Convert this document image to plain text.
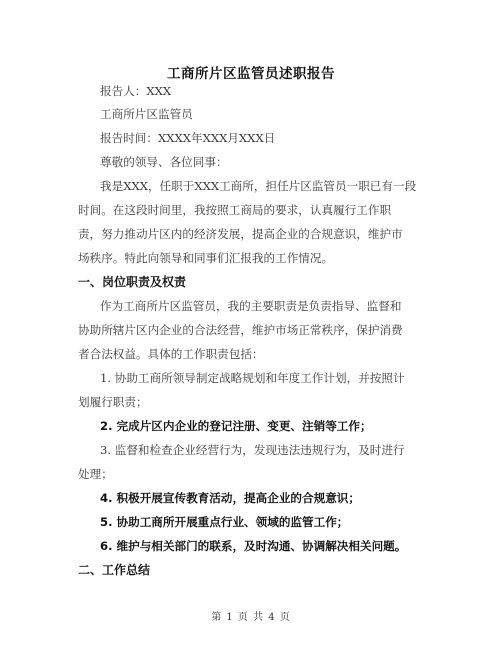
工商所片区监管员述职报告
报告人：XXX
工商所片区监管员
报告时间：XXXX年XXX月XXX日
尊敬的领导、各位同事：
我是XXX，任职于XXX工商所，担任片区监管员一职已有一段
时间。在这段时间里，我按照工商局的要求，认真履行工作职
责，努力推动片区内的经济发展，提高企业的合规意识，维护市
场秩序。特此向领导和同事们汇报我的工作情况。
一、岗位职责及权责
作为工商所片区监管员，我的主要职责是负责指导、监督和
协助所辖片区内企业的合法经营，维护市场正常秩序，保护消费
者合法权益。具体的工作职责包括：
1. 协助工商所领导制定战略规划和年度工作计划，并按照计
划履行职责；
2. 完成片区内企业的登记注册、变更、注销等工作；
3. 监督和检查企业经营行为，发现违法违规行为，及时进行
处理；
4. 积极开展宣传教育活动，提高企业的合规意识；
5. 协助工商所开展重点行业、领域的监管工作；
6. 维护与相关部门的联系，及时沟通、协调解决相关问题。
二、工作总结
第 1 页 共 4 页
